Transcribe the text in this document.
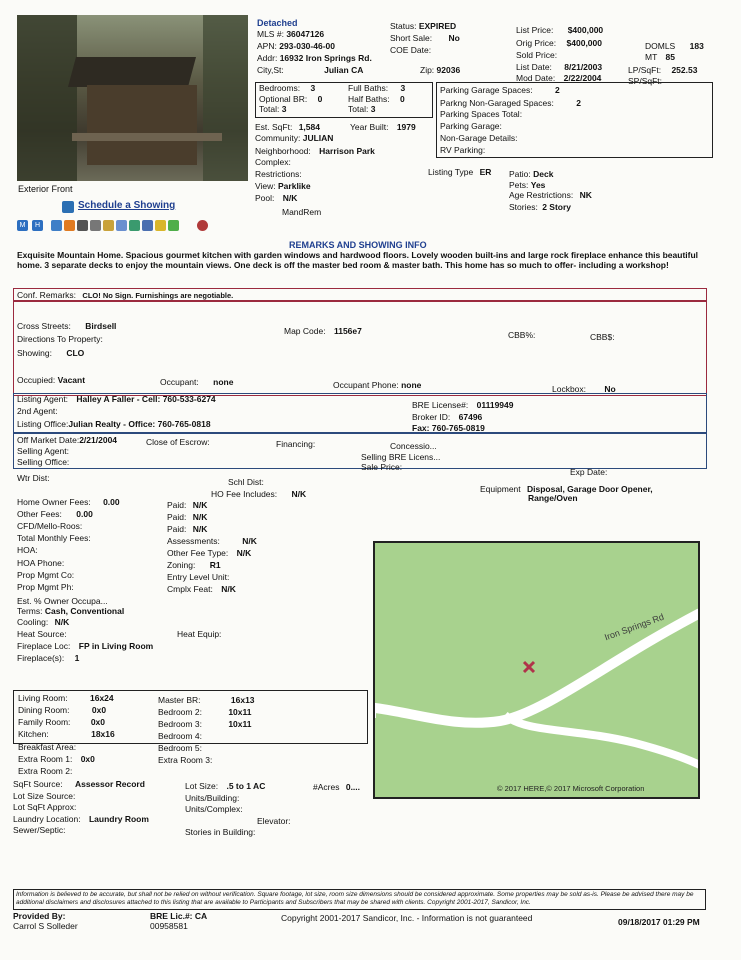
Exterior Front
Schedule a Showing
M	H
Detached
MLS #: 36047126
APN: 293-030-46-00
Addr: 16932 Iron Springs Rd.
City,St:	Julian CA	Zip: 92036
Status: EXPIRED
Short Sale: No
COE Date:
List Price: $400,000
Orig Price: $400,000
Sold Price:
List Date: 8/21/2003
Mod Date: 2/22/2004
DOMLS 183
MT 85
LP/SqFt: 252.53
SP/SqFt:
Bedrooms: 3	Full Baths: 3
Optional BR: 0	Half Baths: 0
Total: 3	Total: 3
Parking Garage Spaces:	2
Parkng Non-Garaged Spaces:	2
Parking Spaces Total:
Parking Garage:
Non-Garage Details:
RV Parking:
Est. SqFt: 1,584	Year Built: 1979
Community: JULIAN
Neighborhood: Harrison Park
Complex:
Restrictions:
View: Parklike
Pool: N/K
MandRem
Listing Type ER Patio: Deck
Pets: Yes
Age Restrictions: NK
Stories: 2 Story
REMARKS AND SHOWING INFO
Exquisite Mountain Home. Spacious gourmet kitchen with garden windows and hardwood floors. Lovely wooden built-ins and large rock fireplace enhance this beautiful home. 3 separate decks to enjoy the mountain views. One deck is off the master bed room & master bath. This home has so much to offer- including a workshop!
Conf. Remarks: CLO! No Sign. Furnishings are negotiable.
Cross Streets: Birdsell	Map Code: 1156e7	CBB%:	CBB$:
Directions To Property:
Showing: CLO
Occupied: Vacant	Occupant: none	Occupant Phone: none	Lockbox: No
Listing Agent: Halley A Faller - Cell: 760-533-6274
BRE License#: 01119949
2nd Agent:
Broker ID: 67496
Listing Office:Julian Realty - Office: 760-765-0818	Fax: 760-765-0819
Off Market Date:2/21/2004	Close of Escrow:	Financing:	Concessio...
Selling Agent:
Selling BRE Licens...
Selling Office:	Sale Price:	Exp Date:
Wtr Dist:	Schl Dist:
Equipment Disposal, Garage Door Opener,
Range/Oven
HO Fee Includes: N/K
Home Owner Fees: 0.00	Paid: N/K
Other Fees: 0.00	Paid: N/K
CFD/Mello-Roos:	Paid: N/K
Total Monthly Fees:	Assessments:	N/K
HOA:	Other Fee Type: N/K
HOA Phone:	Zoning: R1
Prop Mgmt Co:	Entry Level Unit:
Prop Mgmt Ph:	Cmplx Feat: N/K
Est. % Owner Occupa...
Terms: Cash, Conventional
Cooling: N/K
Heat Source:	Heat Equip:
Fireplace Loc: FP in Living Room
Fireplace(s): 1
Living Room:	16x24	Master BR:	16x13
Dining Room:	0x0	Bedroom 2:	10x11
Family Room: 0x0	Bedroom 3:	10x11
Kitchen:	18x16	Bedroom 4:
Breakfast Area:	Bedroom 5:
Extra Room 1: 0x0	Extra Room 3:
Extra Room 2:
SqFt Source: Assessor Record	Lot Size: .5 to 1 AC	#Acres 0....
Lot Size Source:	Units/Building:
Lot SqFt Approx:	Units/Complex:
Laundry Location: Laundry Room	Elevator:
Sewer/Septic:	Stories in Building:
Iron Springs Rd
© 2017 HERE,© 2017 Microsoft Corporation
Information is believed to be accurate, but shall not be relied on without verification. Square footage, lot size, room size dimensions should be considered approximate. Some properties may be sold as-is. Please be advised there may be additional disclaimers and disclosures attached to this listing that are available to Participants and Subscribers that may be shared with clients. Copyright 2001-2017, Sandicor, Inc.
Provided By:
Carrol S Solleder
BRE Lic.#: CA
00958581
Copyright 2001-2017 Sandicor, Inc. - Information is not guaranteed	09/18/2017 01:29 PM
